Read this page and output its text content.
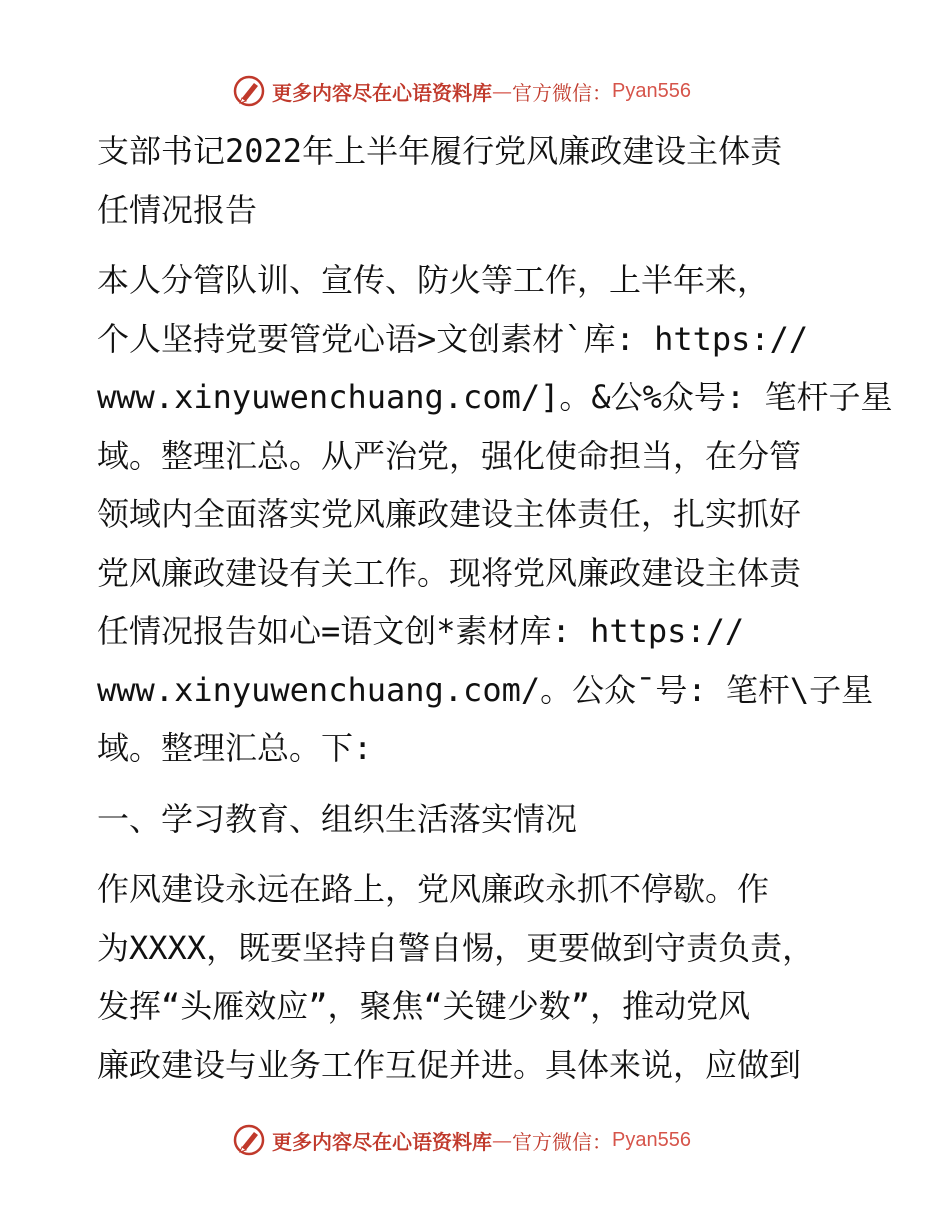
更多内容尽在心语资料库 — 官方微信： Pyan556

支部书记2022年上半年履行党风廉政建设主体责
任情况报告

本人分管队训、宣传、防火等工作，上半年来，
个人坚持党要管党心语>文创素材`库: https://
www.xinyuwenchuang.com/]。&公%众号: 笔杆子星
域。整理汇总。从严治党，强化使命担当，在分管
领域内全面落实党风廉政建设主体责任，扎实抓好
党风廉政建设有关工作。现将党风廉政建设主体责
任情况报告如心=语文创*素材库: https://
www.xinyuwenchuang.com/。公众¯号: 笔杆\子星
域。整理汇总。下:

一、学习教育、组织生活落实情况

作风建设永远在路上，党风廉政永抓不停歇。作
为XXXX，既要坚持自警自惕，更要做到守责负责，
发挥“头雁效应”，聚焦“关键少数”，推动党风
廉政建设与业务工作互促并进。具体来说，应做到

更多内容尽在心语资料库 — 官方微信： Pyan556
